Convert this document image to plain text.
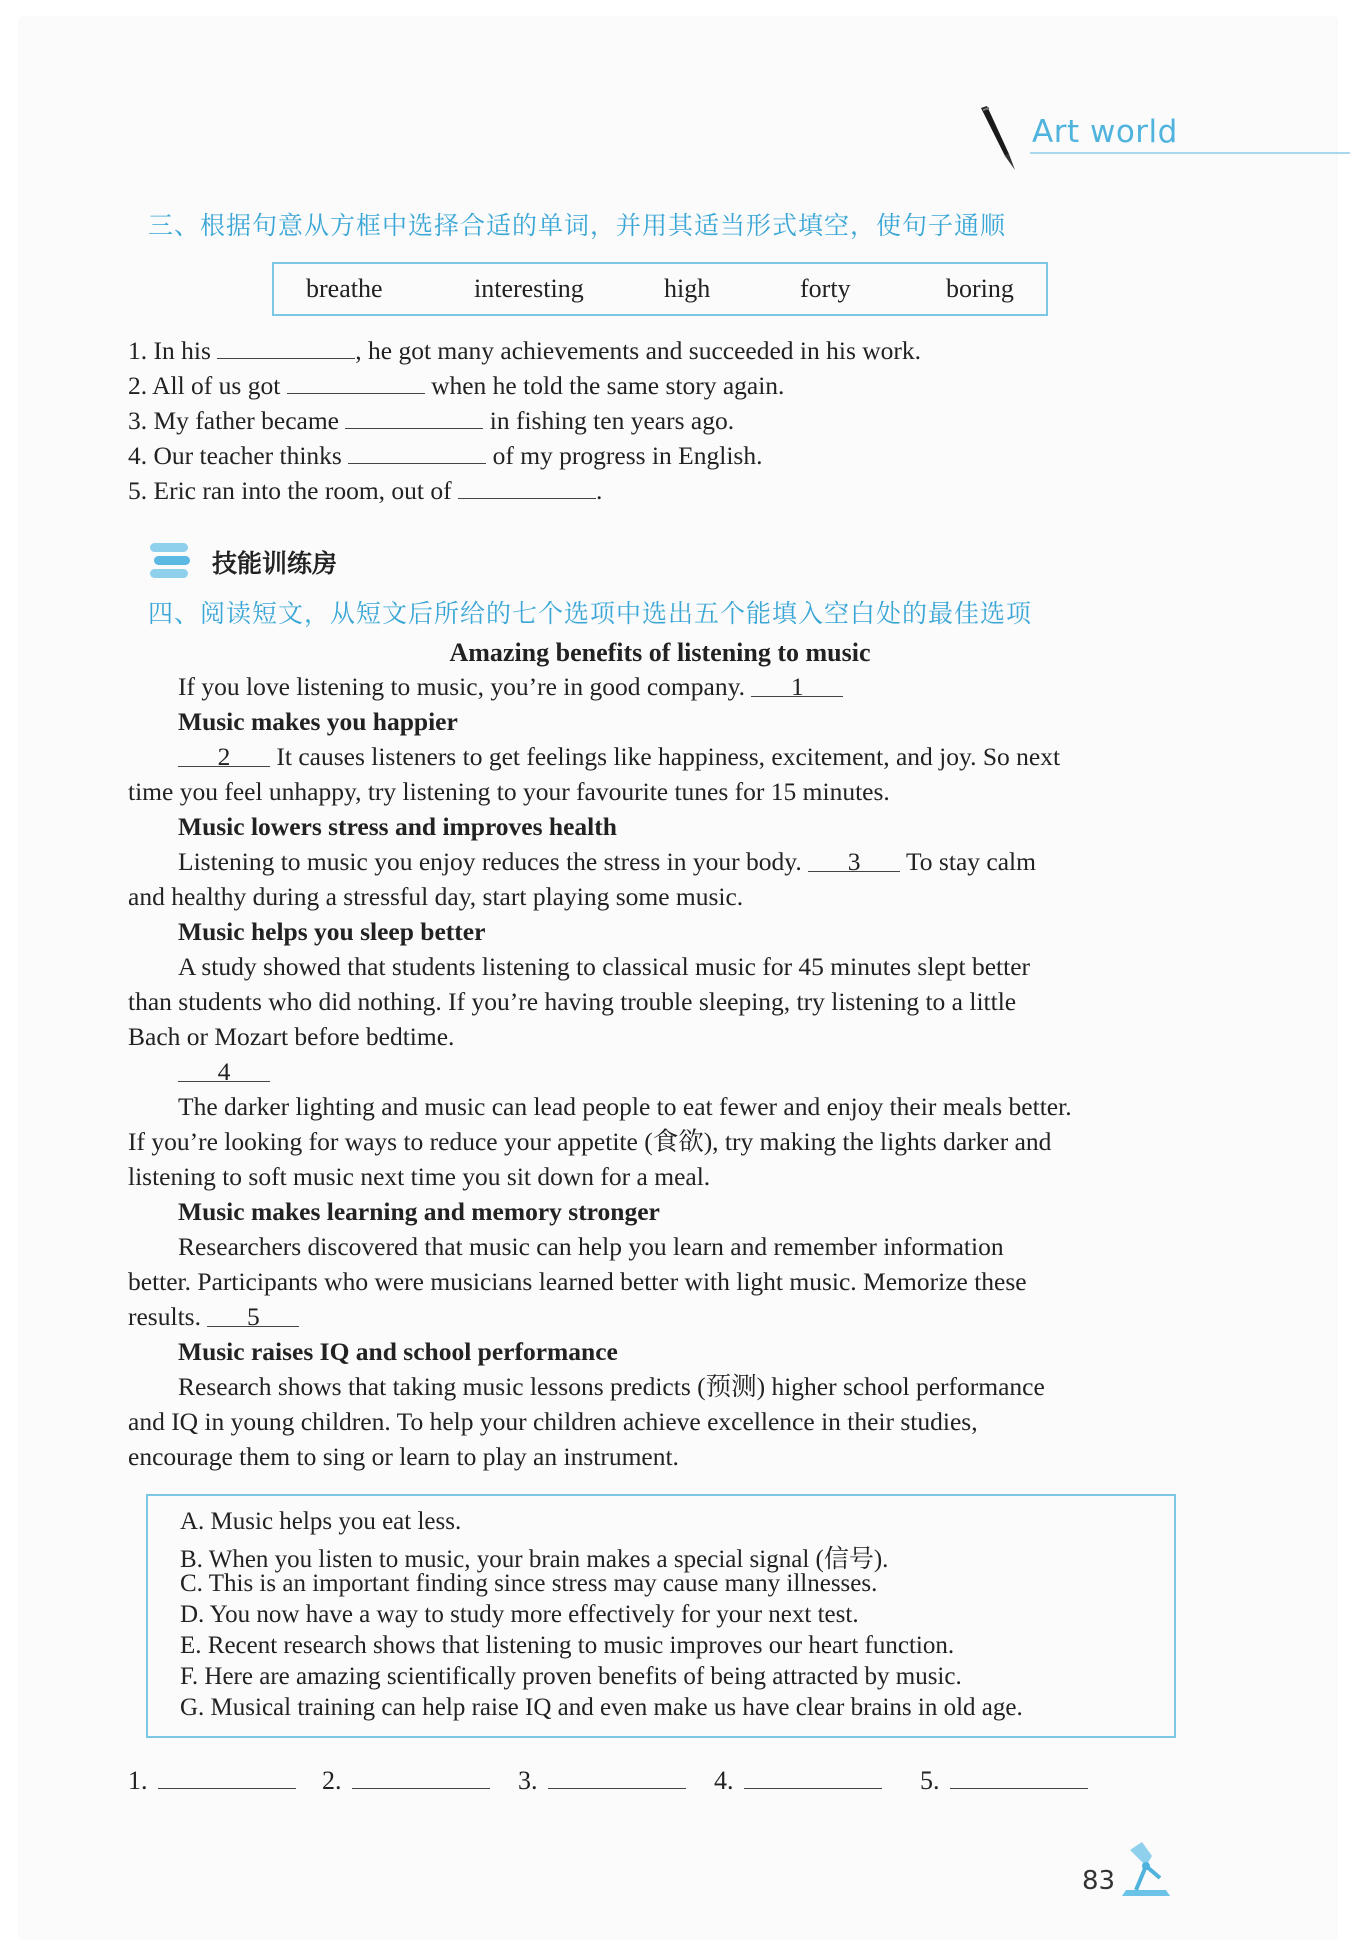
Art world
三、根据句意从方框中选择合适的单词，并用其适当形式填空，使句子通顺
breathe	interesting	high	forty	boring
1. In his	, he got many achievements and succeeded in his work.
2. All of us got	when he told the same story again.
3. My father became	in fishing ten years ago.
4. Our teacher thinks	of my progress in English.
5. Eric ran into the room, out of	.
技能训练房
四、阅读短文，从短文后所给的七个选项中选出五个能填入空白处的最佳选项
Amazing benefits of listening to music
If you love listening to music, you’re in good company. 1
Music makes you happier
2 It causes listeners to get feelings like happiness, excitement, and joy. So next
time you feel unhappy, try listening to your favourite tunes for 15 minutes.
Music lowers stress and improves health
Listening to music you enjoy reduces the stress in your body. 3 To stay calm
and healthy during a stressful day, start playing some music.
Music helps you sleep better
A study showed that students listening to classical music for 45 minutes slept better
than students who did nothing. If you’re having trouble sleeping, try listening to a little
Bach or Mozart before bedtime.
4
The darker lighting and music can lead people to eat fewer and enjoy their meals better.
If you’re looking for ways to reduce your appetite (食欲), try making the lights darker and
listening to soft music next time you sit down for a meal.
Music makes learning and memory stronger
Researchers discovered that music can help you learn and remember information
better. Participants who were musicians learned better with light music. Memorize these
results. 5
Music raises IQ and school performance
Research shows that taking music lessons predicts (预测) higher school performance
and IQ in young children. To help your children achieve excellence in their studies,
encourage them to sing or learn to play an instrument.
A. Music helps you eat less.
B. When you listen to music, your brain makes a special signal (信号).
C. This is an important finding since stress may cause many illnesses.
D. You now have a way to study more effectively for your next test.
E. Recent research shows that listening to music improves our heart function.
F. Here are amazing scientifically proven benefits of being attracted by music.
G. Musical training can help raise IQ and even make us have clear brains in old age.
1.	2.	3.	4.	5.
83
